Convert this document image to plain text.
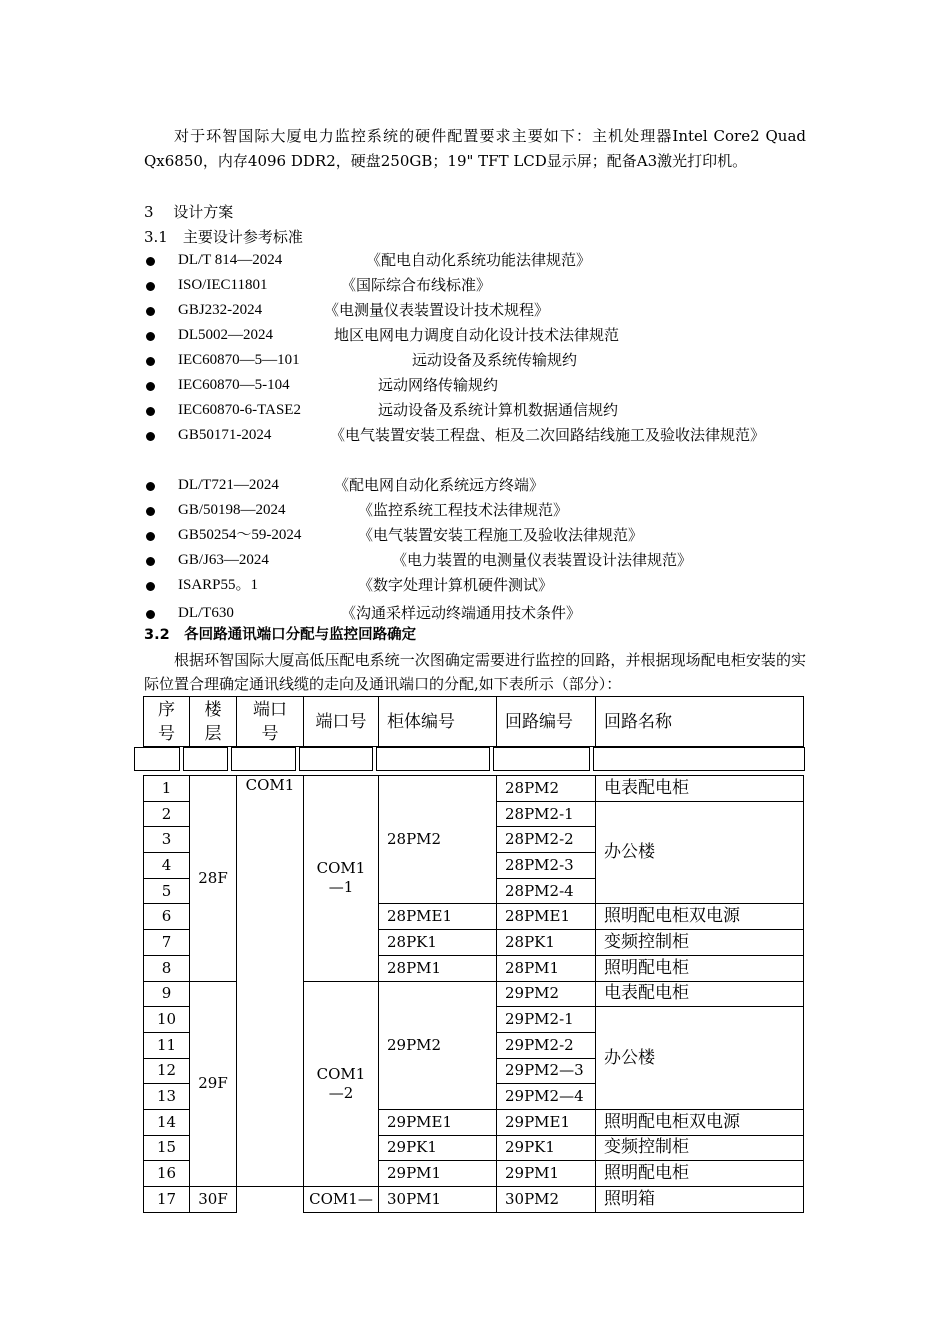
对于环智国际大厦电力监控系统的硬件配置要求主要如下：主机处理器Intel Core2 Quad Qx6850，内存4096 DDR2，硬盘250GB；19" TFT LCD显示屏；配备A3激光打印机。

3　 设计方案
3.1　主要设计参考标准
DL/T 814—2024	《配电自动化系统功能法律规范》
ISO/IEC11801	《国际综合布线标准》
GBJ232-2024	《电测量仪表装置设计技术规程》
DL5002—2024	地区电网电力调度自动化设计技术法律规范
IEC60870—5—101	远动设备及系统传输规约
IEC60870—5-104	远动网络传输规约
IEC60870-6-TASE2	远动设备及系统计算机数据通信规约
GB50171-2024	《电气装置安装工程盘、柜及二次回路结线施工及验收法律规范》
DL/T721—2024	《配电网自动化系统远方终端》
GB/50198—2024	《监控系统工程技术法律规范》
GB50254～59-2024	《电气装置安装工程施工及验收法律规范》
GB/J63—2024	《电力装置的电测量仪表装置设计法律规范》
ISARP55。1	《数字处理计算机硬件测试》
DL/T630	《沟通采样远动终端通用技术条件》
3.2　各回路通讯端口分配与监控回路确定

根据环智国际大厦高低压配电系统一次图确定需要进行监控的回路，并根据现场配电柜安装的实际位置合理确定通讯线缆的走向及通讯端口的分配,如下表所示（部分）：

序号	楼层	端口号	端口号	柜体编号	回路编号	回路名称

1	28F	COM1	COM1—1	28PM2	28PM2	电表配电柜
2					28PM2-1	办公楼
3					28PM2-2	
4					28PM2-3	
5					28PM2-4	
6				28PME1	28PME1	照明配电柜双电源
7				28PK1	28PK1	变频控制柜
8				28PM1	28PM1	照明配电柜
9	29F		COM1—2	29PM2	29PM2	电表配电柜
10					29PM2-1	办公楼
11					29PM2-2	
12					29PM2—3	
13					29PM2—4	
14				29PME1	29PME1	照明配电柜双电源
15				29PK1	29PK1	变频控制柜
16				29PM1	29PM1	照明配电柜
17	30F		COM1—	30PM1	30PM2	照明箱
